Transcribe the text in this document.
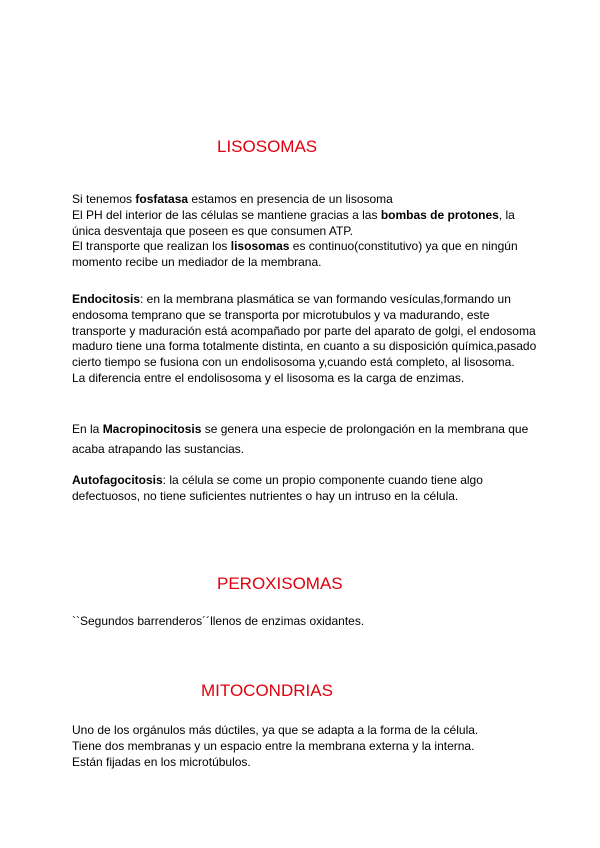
LISOSOMAS

Si tenemos fosfatasa estamos en presencia de un lisosoma
El PH del interior de las células se mantiene gracias a las bombas de protones, la
única desventaja que poseen es que consumen ATP.
El transporte que realizan los lisosomas es continuo(constitutivo) ya que en ningún
momento recibe un mediador de la membrana.

Endocitosis: en la membrana plasmática se van formando vesículas,formando un
endosoma temprano que se transporta por microtubulos y va madurando, este
transporte y maduración está acompañado por parte del aparato de golgi, el endosoma
maduro tiene una forma totalmente distinta, en cuanto a su disposición química,pasado
cierto tiempo se fusiona con un endolisosoma y,cuando está completo, al lisosoma.
La diferencia entre el endolisosoma y el lisosoma es la carga de enzimas.

En la Macropinocitosis se genera una especie de prolongación en la membrana que
acaba atrapando las sustancias.

Autofagocitosis: la célula se come un propio componente cuando tiene algo
defectuosos, no tiene suficientes nutrientes o hay un intruso en la célula.

PEROXISOMAS

``Segundos barrenderos´´llenos de enzimas oxidantes.

MITOCONDRIAS

Uno de los orgánulos más dúctiles, ya que se adapta a la forma de la célula.
Tiene dos membranas y un espacio entre la membrana externa y la interna.
Están fijadas en los microtúbulos.
